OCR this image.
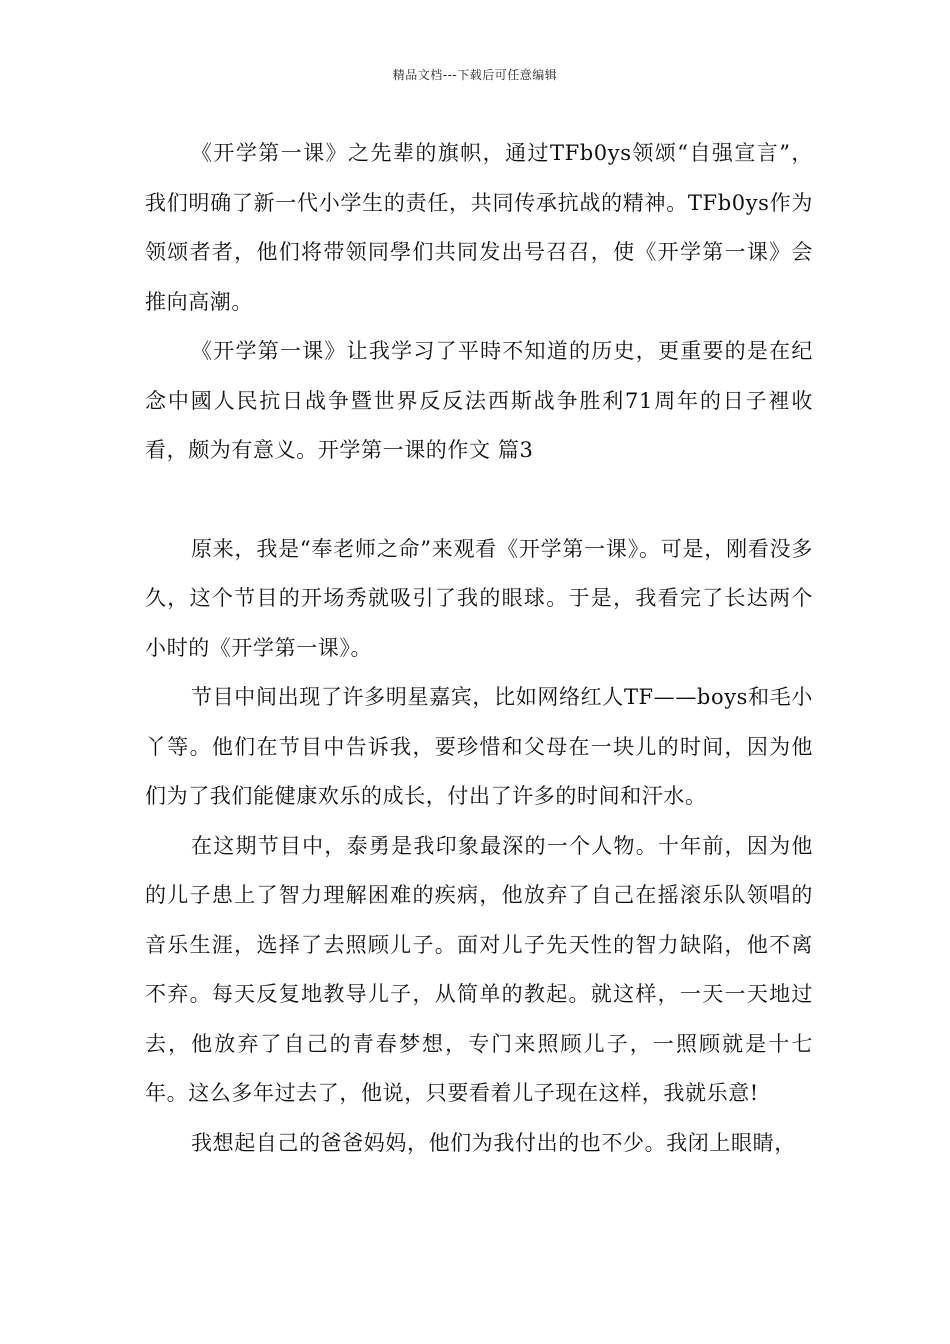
精品文档---下载后可任意编辑

《开学第一课》之先辈的旗帜，通过TFb0ys领颂“自强宣言”，我们明确了新一代小学生的责任，共同传承抗战的精神。TFb0ys作为领颂者者，他们将带领同學们共同发出号召召，使《开学第一课》会推向高潮。

《开学第一课》让我学习了平時不知道的历史，更重要的是在纪念中國人民抗日战争暨世界反反法西斯战争胜利71周年的日子裡收看，颇为有意义。开学第一课的作文 篇3

原来，我是“奉老师之命”来观看《开学第一课》。可是，刚看没多久，这个节目的开场秀就吸引了我的眼球。于是，我看完了长达两个小时的《开学第一课》。

节目中间出现了许多明星嘉宾，比如网络红人TF——boys和毛小丫等。他们在节目中告诉我，要珍惜和父母在一块儿的时间，因为他们为了我们能健康欢乐的成长，付出了许多的时间和汗水。

在这期节目中，泰勇是我印象最深的一个人物。十年前，因为他的儿子患上了智力理解困难的疾病，他放弃了自己在摇滚乐队领唱的音乐生涯，选择了去照顾儿子。面对儿子先天性的智力缺陷，他不离不弃。每天反复地教导儿子，从简单的教起。就这样，一天一天地过去，他放弃了自己的青春梦想，专门来照顾儿子，一照顾就是十七年。这么多年过去了，他说，只要看着儿子现在这样，我就乐意!

我想起自己的爸爸妈妈，他们为我付出的也不少。我闭上眼睛，
